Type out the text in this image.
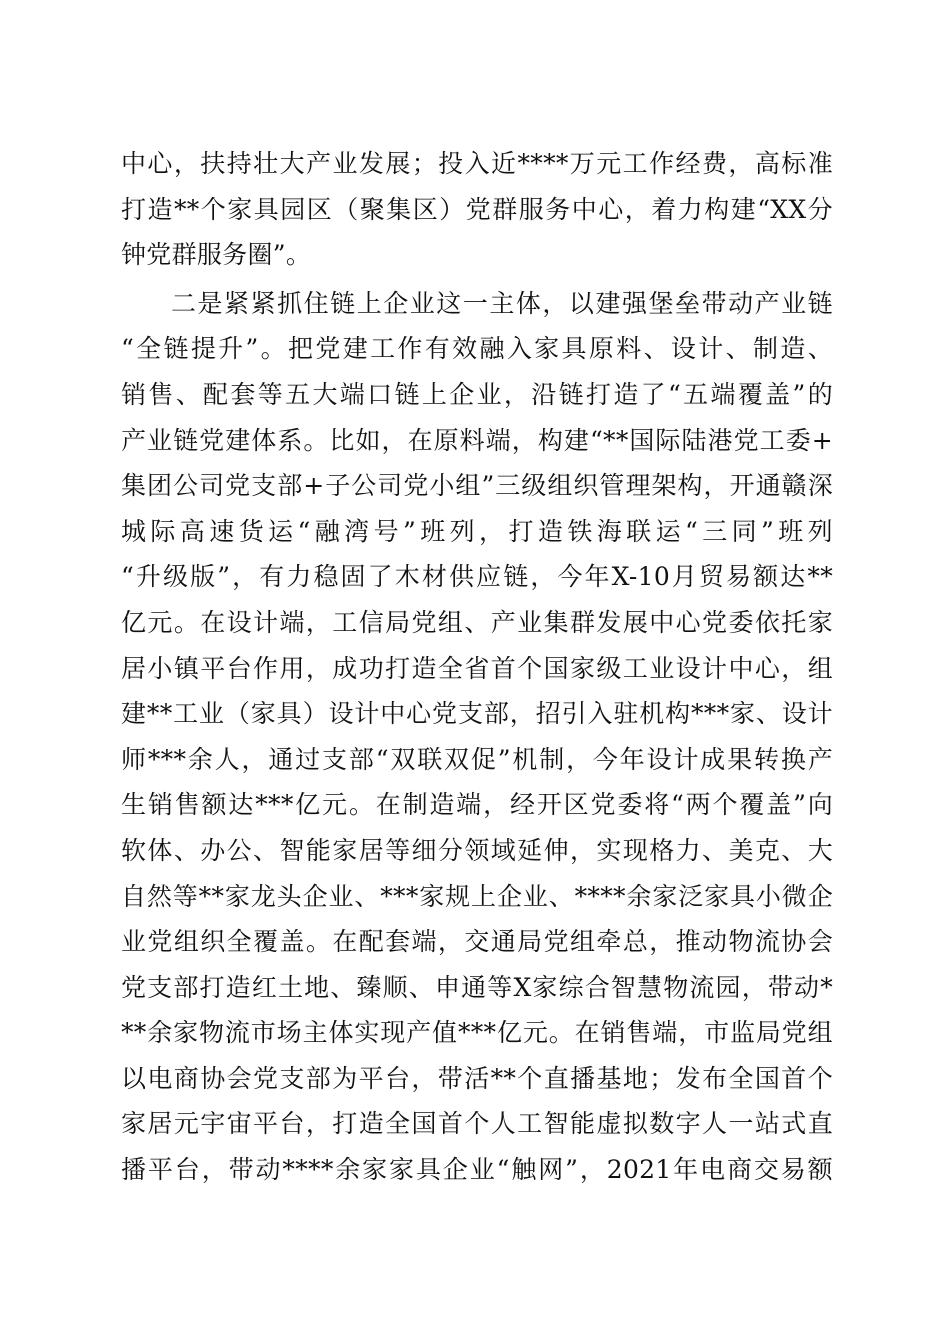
中心，扶持壮大产业发展；投入近****万元工作经费，高标准
打造**个家具园区（聚集区）党群服务中心，着力构建“XX分
钟党群服务圈”。
二是紧紧抓住链上企业这一主体，以建强堡垒带动产业链
“全链提升”。把党建工作有效融入家具原料、设计、制造、
销售、配套等五大端口链上企业，沿链打造了“五端覆盖”的
产业链党建体系。比如，在原料端，构建“**国际陆港党工委+
集团公司党支部+子公司党小组”三级组织管理架构，开通赣深
城际高速货运“融湾号”班列，打造铁海联运“三同”班列
“升级版”，有力稳固了木材供应链，今年X-10月贸易额达**
亿元。在设计端，工信局党组、产业集群发展中心党委依托家
居小镇平台作用，成功打造全省首个国家级工业设计中心，组
建**工业（家具）设计中心党支部，招引入驻机构***家、设计
师***余人，通过支部“双联双促”机制，今年设计成果转换产
生销售额达***亿元。在制造端，经开区党委将“两个覆盖”向
软体、办公、智能家居等细分领域延伸，实现格力、美克、大
自然等**家龙头企业、***家规上企业、****余家泛家具小微企
业党组织全覆盖。在配套端，交通局党组牵总，推动物流协会
党支部打造红土地、臻顺、申通等X家综合智慧物流园，带动*
**余家物流市场主体实现产值***亿元。在销售端，市监局党组
以电商协会党支部为平台，带活**个直播基地；发布全国首个
家居元宇宙平台，打造全国首个人工智能虚拟数字人一站式直
播平台，带动****余家家具企业“触网”，2021年电商交易额
